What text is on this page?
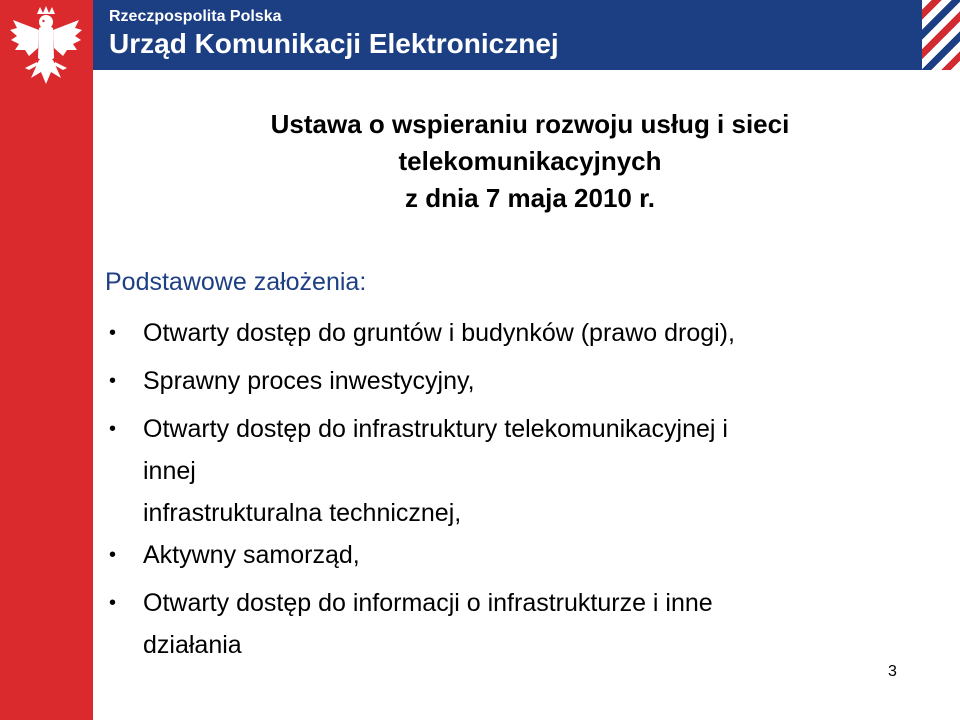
Rzeczpospolita Polska
Urząd Komunikacji Elektronicznej
Ustawa o wspieraniu rozwoju usług i sieci
telekomunikacyjnych
z dnia 7 maja 2010 r.
Podstawowe założenia:
• Otwarty dostęp do gruntów i budynków (prawo drogi),
• Sprawny proces inwestycyjny,
• Otwarty dostęp do infrastruktury telekomunikacyjnej i
innej
infrastrukturalna technicznej,
• Aktywny samorząd,
• Otwarty dostęp do informacji o infrastrukturze i inne
działania
3
